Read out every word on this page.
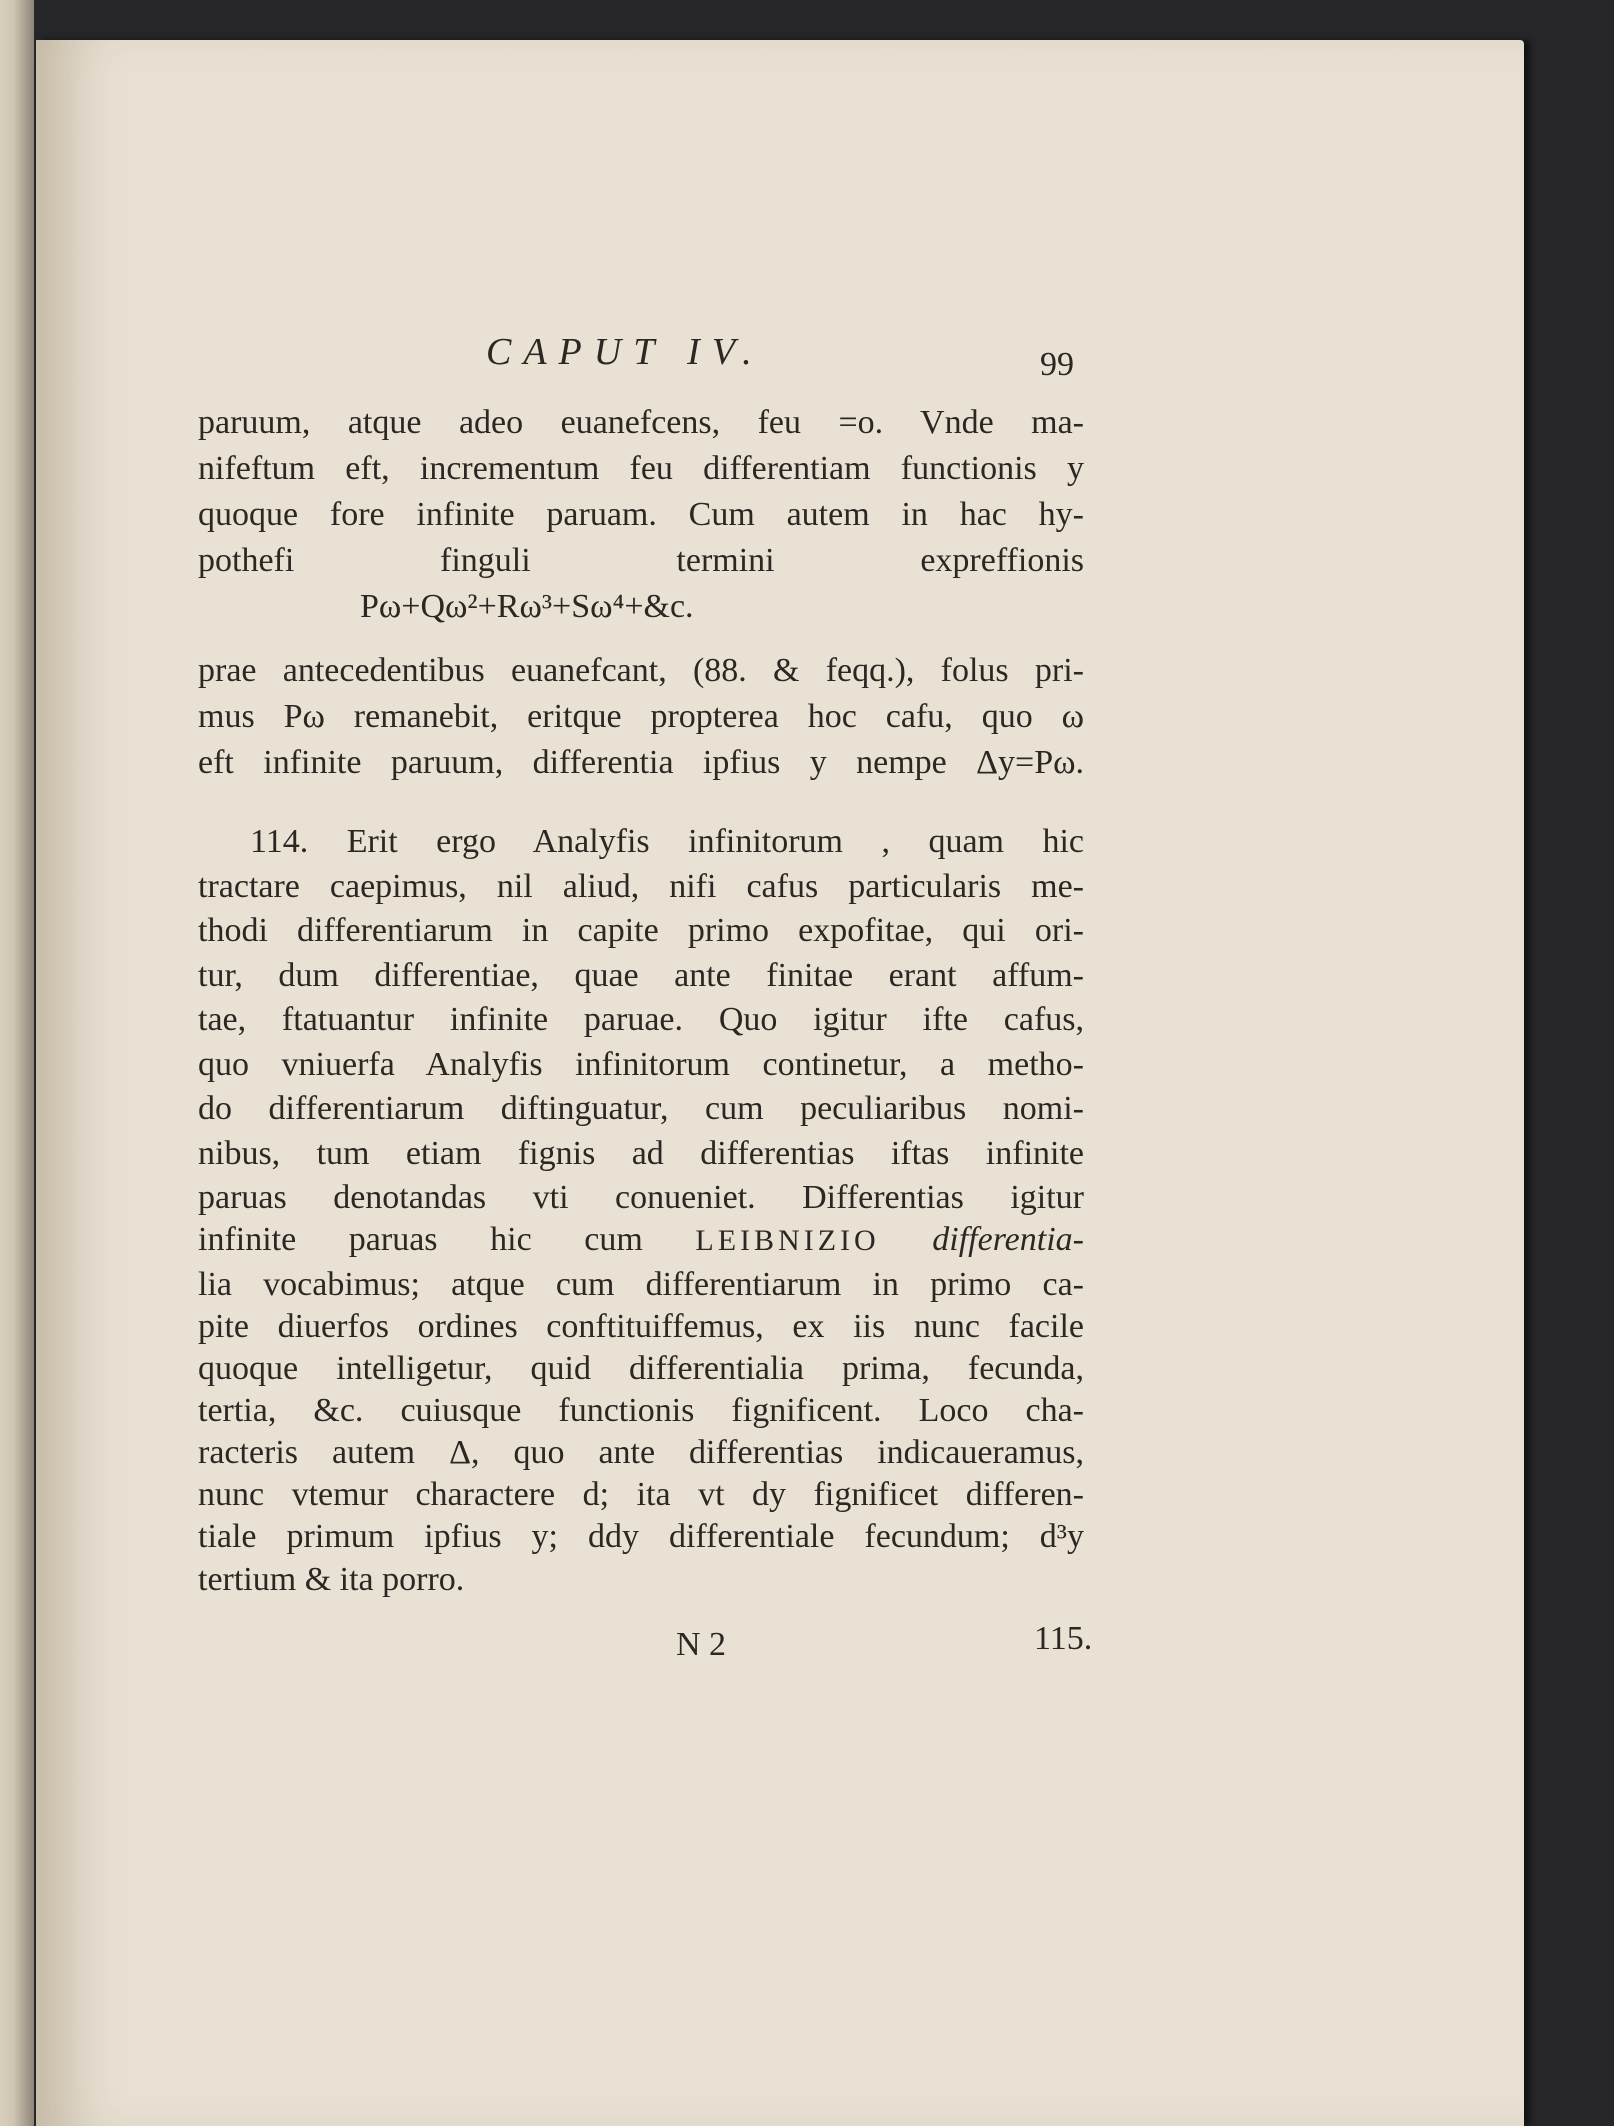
CAPUT IV.	99
paruum, atque adeo euanefcens, feu =o. Vnde ma-
nifeftum eft, incrementum feu differentiam functionis y
quoque fore infinite paruam. Cum autem in hac hy-
pothefi finguli termini expreffionis
Pω+Qω²+Rω³+Sω⁴+&c.
prae antecedentibus euanefcant, (88. & feqq.), folus pri-
mus Pω remanebit, eritque propterea hoc cafu, quo ω
eft infinite paruum, differentia ipfius y nempe Δy=Pω.
114. Erit ergo Analyfis infinitorum , quam hic
tractare caepimus, nil aliud, nifi cafus particularis me-
thodi differentiarum in capite primo expofitae, qui ori-
tur, dum differentiae, quae ante finitae erant affum-
tae, ftatuantur infinite paruae. Quo igitur ifte cafus,
quo vniuerfa Analyfis infinitorum continetur, a metho-
do differentiarum diftinguatur, cum peculiaribus nomi-
nibus, tum etiam fignis ad differentias iftas infinite
paruas denotandas vti conueniet. Differentias igitur
infinite paruas hic cum LEIBNIZIO differentia-
lia vocabimus; atque cum differentiarum in primo ca-
pite diuerfos ordines conftituiffemus, ex iis nunc facile
quoque intelligetur, quid differentialia prima, fecunda,
tertia, &c. cuiusque functionis fignificent. Loco cha-
racteris autem Δ, quo ante differentias indicaueramus,
nunc vtemur charactere d; ita vt dy fignificet differen-
tiale primum ipfius y; ddy differentiale fecundum; d³y
tertium & ita porro.
N 2	115.
